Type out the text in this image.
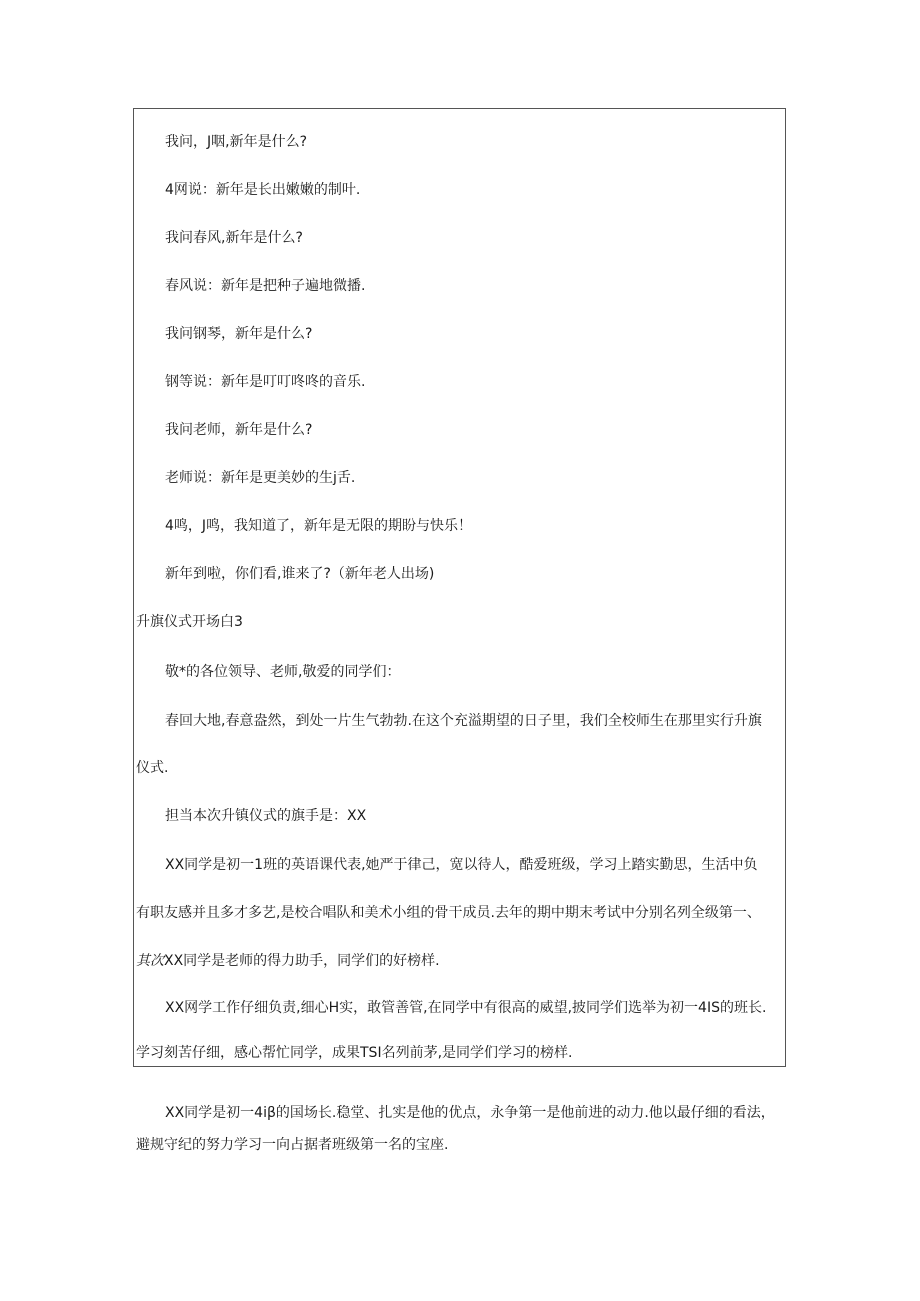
我问，J咽,新年是什么?
4网说：新年是长出嫩嫩的制叶.
我问春风,新年是什么?
春风说：新年是把种子遍地微播.
我问钢琴，新年是什么?
钢等说：新年是叮叮咚咚的音乐.
我问老师，新年是什么?
老师说：新年是更美妙的生j舌.
4鸣，J鸣，我知道了，新年是无限的期盼与快乐！
新年到啦，你们看,谁来了?（新年老人出场)
升旗仪式开场白3
敬*的各位领导、老师,敬爱的同学们：
春回大地,春意盎然，到处一片生气勃勃.在这个充溢期望的日子里，我们全校师生在那里实行升旗
仪式.
担当本次升镇仪式的旗手是：XX
XX同学是初一1班的英语课代表,她严于律己，宽以待人，酷爱班级，学习上踏实勤思，生活中负
有职友感并且多才多艺,是校合唱队和美术小组的骨干成员.去年的期中期末考试中分别名列全级第一、
其次XX同学是老师的得力助手，同学们的好榜样.
XX网学工作仔细负责,细心H实，敢管善管,在同学中有很高的威望,披同学们选举为初一4IS的班长.
学习刻苦仔细，感心帮忙同学，成果TSI名列前茅,是同学们学习的榜样.
XX同学是初一4iβ的国场长.稳堂、扎实是他的优点，永争第一是他前进的动力.他以最仔细的看法，
避规守纪的努力学习一向占据者班级第一名的宝座.
